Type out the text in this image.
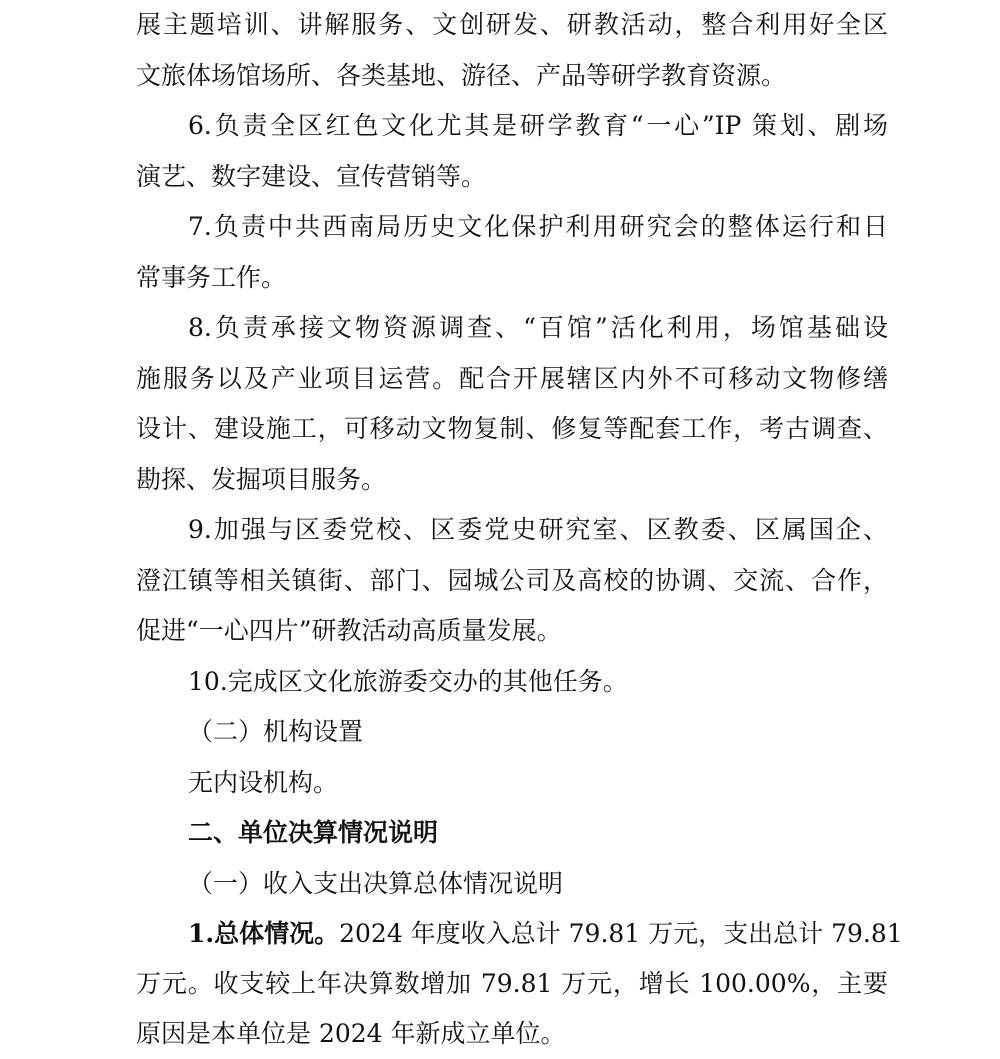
展主题培训、讲解服务、文创研发、研教活动，整合利用好全区
文旅体场馆场所、各类基地、游径、产品等研学教育资源。
6.负责全区红色文化尤其是研学教育“一心”IP 策划、剧场
演艺、数字建设、宣传营销等。
7.负责中共西南局历史文化保护利用研究会的整体运行和日
常事务工作。
8.负责承接文物资源调查、“百馆”活化利用，场馆基础设
施服务以及产业项目运营。配合开展辖区内外不可移动文物修缮
设计、建设施工，可移动文物复制、修复等配套工作，考古调查、
勘探、发掘项目服务。
9.加强与区委党校、区委党史研究室、区教委、区属国企、
澄江镇等相关镇街、部门、园城公司及高校的协调、交流、合作，
促进“一心四片”研教活动高质量发展。
10.完成区文化旅游委交办的其他任务。
（二）机构设置
无内设机构。
二、单位决算情况说明
（一）收入支出决算总体情况说明
1.总体情况。2024 年度收入总计 79.81 万元，支出总计 79.81
万元。收支较上年决算数增加 79.81 万元，增长 100.00%，主要
原因是本单位是 2024 年新成立单位。
